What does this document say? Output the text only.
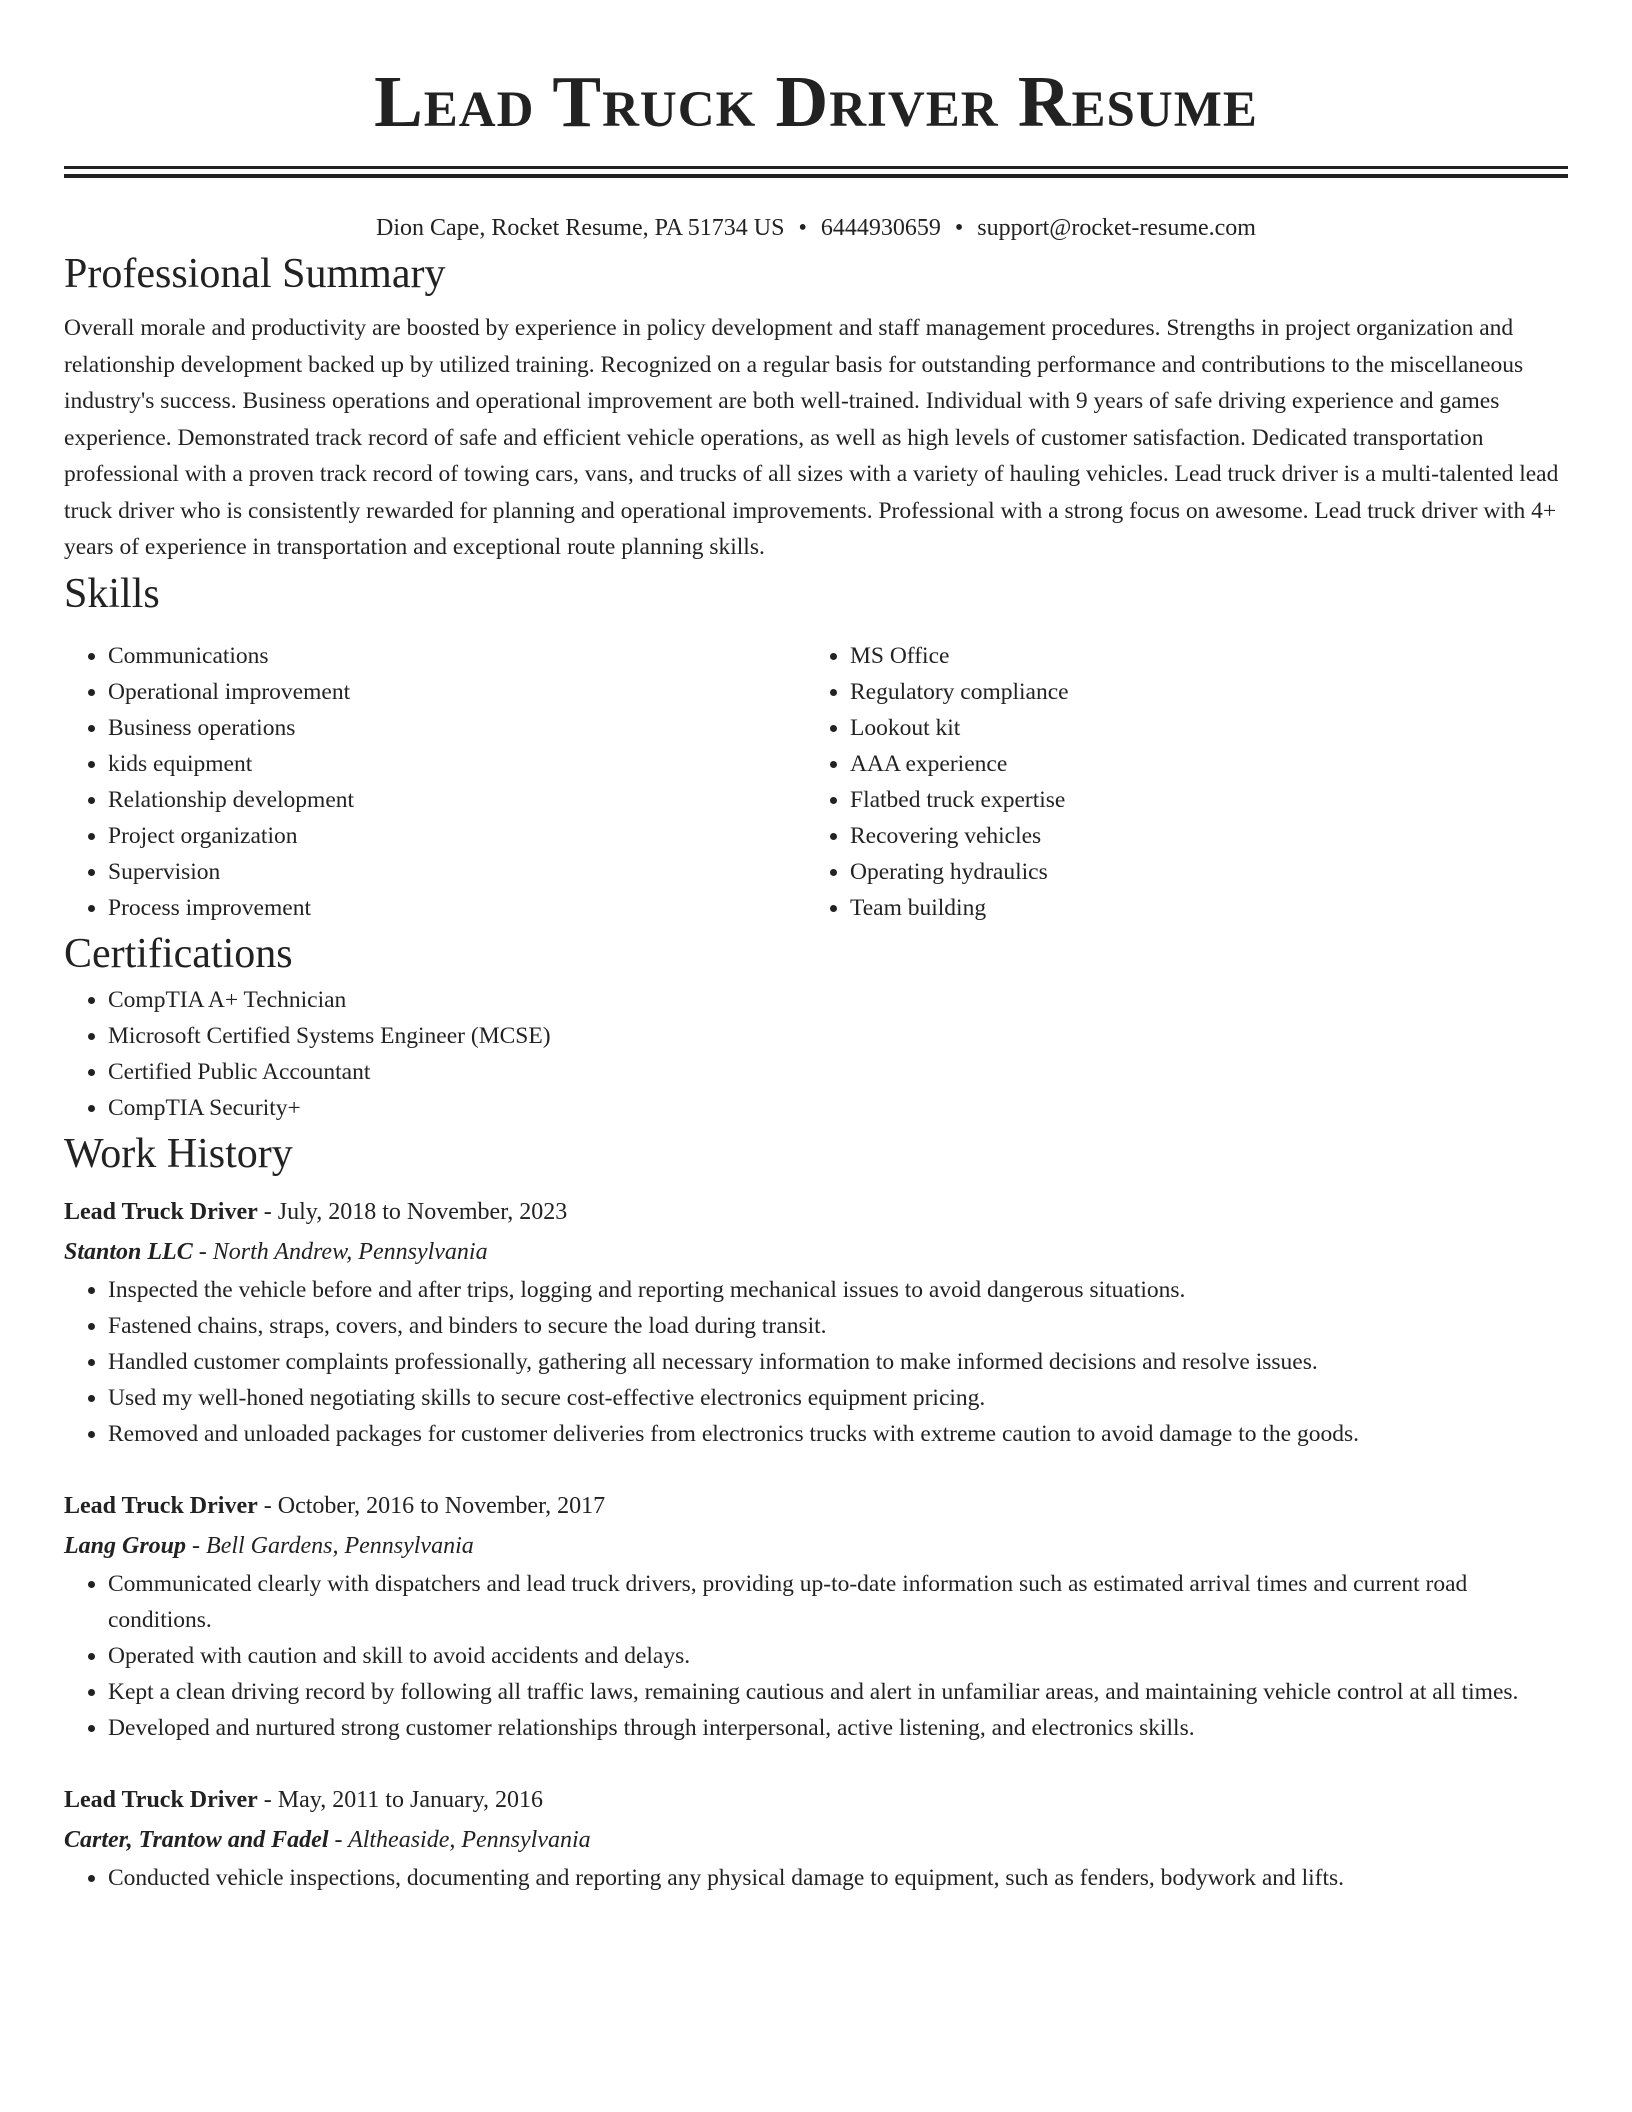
Lead Truck Driver Resume
Dion Cape, Rocket Resume, PA 51734 US • 6444930659 • support@rocket-resume.com
Professional Summary

Overall morale and productivity are boosted by experience in policy development and staff management procedures. Strengths in project organization and relationship development backed up by utilized training. Recognized on a regular basis for outstanding performance and contributions to the miscellaneous industry's success. Business operations and operational improvement are both well-trained. Individual with 9 years of safe driving experience and games experience. Demonstrated track record of safe and efficient vehicle operations, as well as high levels of customer satisfaction. Dedicated transportation professional with a proven track record of towing cars, vans, and trucks of all sizes with a variety of hauling vehicles. Lead truck driver is a multi-talented lead truck driver who is consistently rewarded for planning and operational improvements. Professional with a strong focus on awesome. Lead truck driver with 4+ years of experience in transportation and exceptional route planning skills.

Skills
• Communications
• Operational improvement
• Business operations
• kids equipment
• Relationship development
• Project organization
• Supervision
• Process improvement
• MS Office
• Regulatory compliance
• Lookout kit
• AAA experience
• Flatbed truck expertise
• Recovering vehicles
• Operating hydraulics
• Team building
Certifications
• CompTIA A+ Technician
• Microsoft Certified Systems Engineer (MCSE)
• Certified Public Accountant
• CompTIA Security+
Work History
Lead Truck Driver - July, 2018 to November, 2023
Stanton LLC - North Andrew, Pennsylvania
• Inspected the vehicle before and after trips, logging and reporting mechanical issues to avoid dangerous situations.
• Fastened chains, straps, covers, and binders to secure the load during transit.
• Handled customer complaints professionally, gathering all necessary information to make informed decisions and resolve issues.
• Used my well-honed negotiating skills to secure cost-effective electronics equipment pricing.
• Removed and unloaded packages for customer deliveries from electronics trucks with extreme caution to avoid damage to the goods.
Lead Truck Driver - October, 2016 to November, 2017
Lang Group - Bell Gardens, Pennsylvania
• Communicated clearly with dispatchers and lead truck drivers, providing up-to-date information such as estimated arrival times and current road conditions.
• Operated with caution and skill to avoid accidents and delays.
• Kept a clean driving record by following all traffic laws, remaining cautious and alert in unfamiliar areas, and maintaining vehicle control at all times.
• Developed and nurtured strong customer relationships through interpersonal, active listening, and electronics skills.
Lead Truck Driver - May, 2011 to January, 2016
Carter, Trantow and Fadel - Altheaside, Pennsylvania
• Conducted vehicle inspections, documenting and reporting any physical damage to equipment, such as fenders, bodywork and lifts.
